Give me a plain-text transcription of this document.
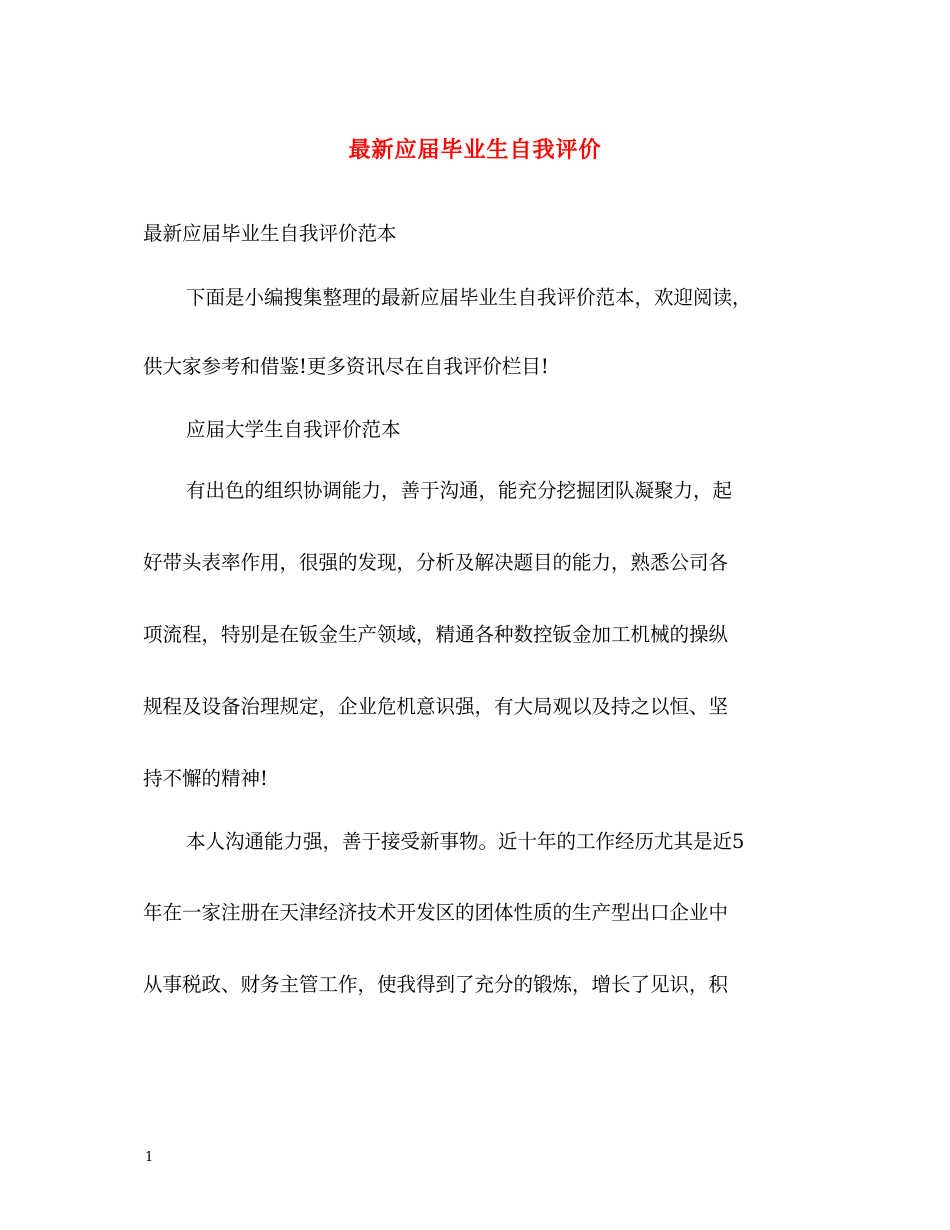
最新应届毕业生自我评价
最新应届毕业生自我评价范本
下面是小编搜集整理的最新应届毕业生自我评价范本，欢迎阅读，
供大家参考和借鉴!更多资讯尽在自我评价栏目!
应届大学生自我评价范本
有出色的组织协调能力，善于沟通，能充分挖掘团队凝聚力，起
好带头表率作用，很强的发现，分析及解决题目的能力，熟悉公司各
项流程，特别是在钣金生产领域，精通各种数控钣金加工机械的操纵
规程及设备治理规定，企业危机意识强，有大局观以及持之以恒、坚
持不懈的精神!
本人沟通能力强，善于接受新事物。近十年的工作经历尤其是近5
年在一家注册在天津经济技术开发区的团体性质的生产型出口企业中
从事税政、财务主管工作，使我得到了充分的锻炼，增长了见识，积
1
